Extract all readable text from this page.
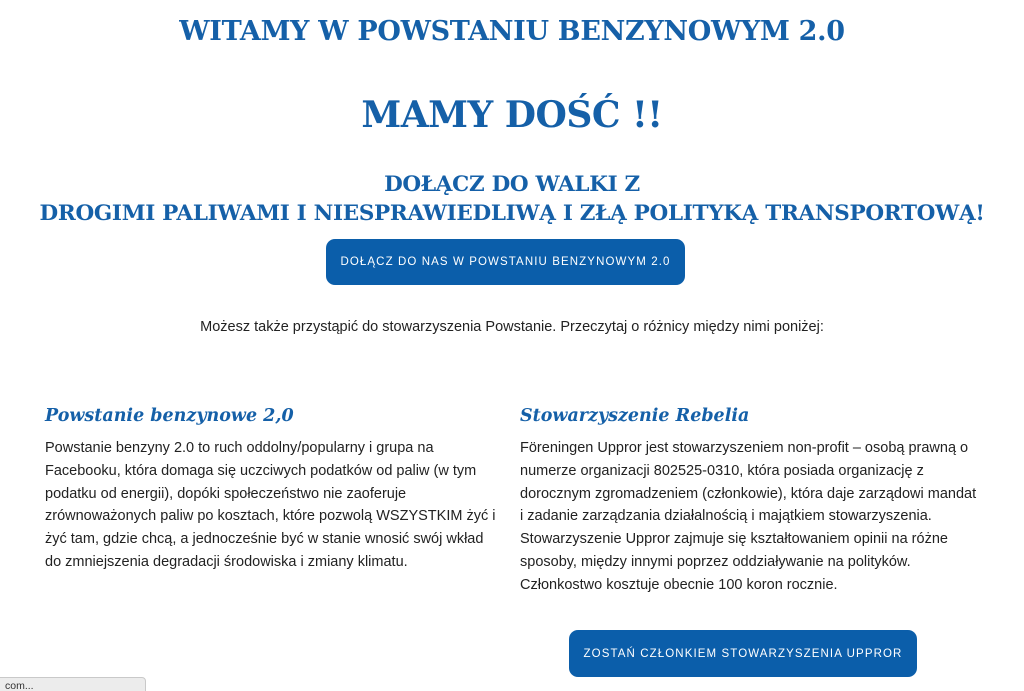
WITAMY W POWSTANIU BENZYNOWYM 2.0
MAMY DOŚĆ !!
DOŁĄCZ DO WALKI Z
DROGIMI PALIWAMI I NIESPRAWIEDLIWĄ I ZŁĄ POLITYKĄ TRANSPORTOWĄ!
DOŁĄCZ DO NAS W POWSTANIU BENZYNOWYM 2.0

Możesz także przystąpić do stowarzyszenia Powstanie. Przeczytaj o różnicy między nimi poniżej:

Powstanie benzynowe 2,0

Powstanie benzyny 2.0 to ruch oddolny/popularny i grupa na Facebooku, która domaga się uczciwych podatków od paliw (w tym podatku od energii), dopóki społeczeństwo nie zaoferuje zrównoważonych paliw po kosztach, które pozwolą WSZYSTKIM żyć i żyć tam, gdzie chcą, a jednocześnie być w stanie wnosić swój wkład do zmniejszenia degradacji środowiska i zmiany klimatu.

Stowarzyszenie Rebelia

Föreningen Uppror jest stowarzyszeniem non-profit – osobą prawną o numerze organizacji 802525-0310, która posiada organizację z dorocznym zgromadzeniem (członkowie), która daje zarządowi mandat i zadanie zarządzania działalnością i majątkiem stowarzyszenia. Stowarzyszenie Uppror zajmuje się kształtowaniem opinii na różne sposoby, między innymi poprzez oddziaływanie na polityków. Członkostwo kosztuje obecnie 100 koron rocznie.

ZOSTAŃ CZŁONKIEM STOWARZYSZENIA UPPROR
com...
